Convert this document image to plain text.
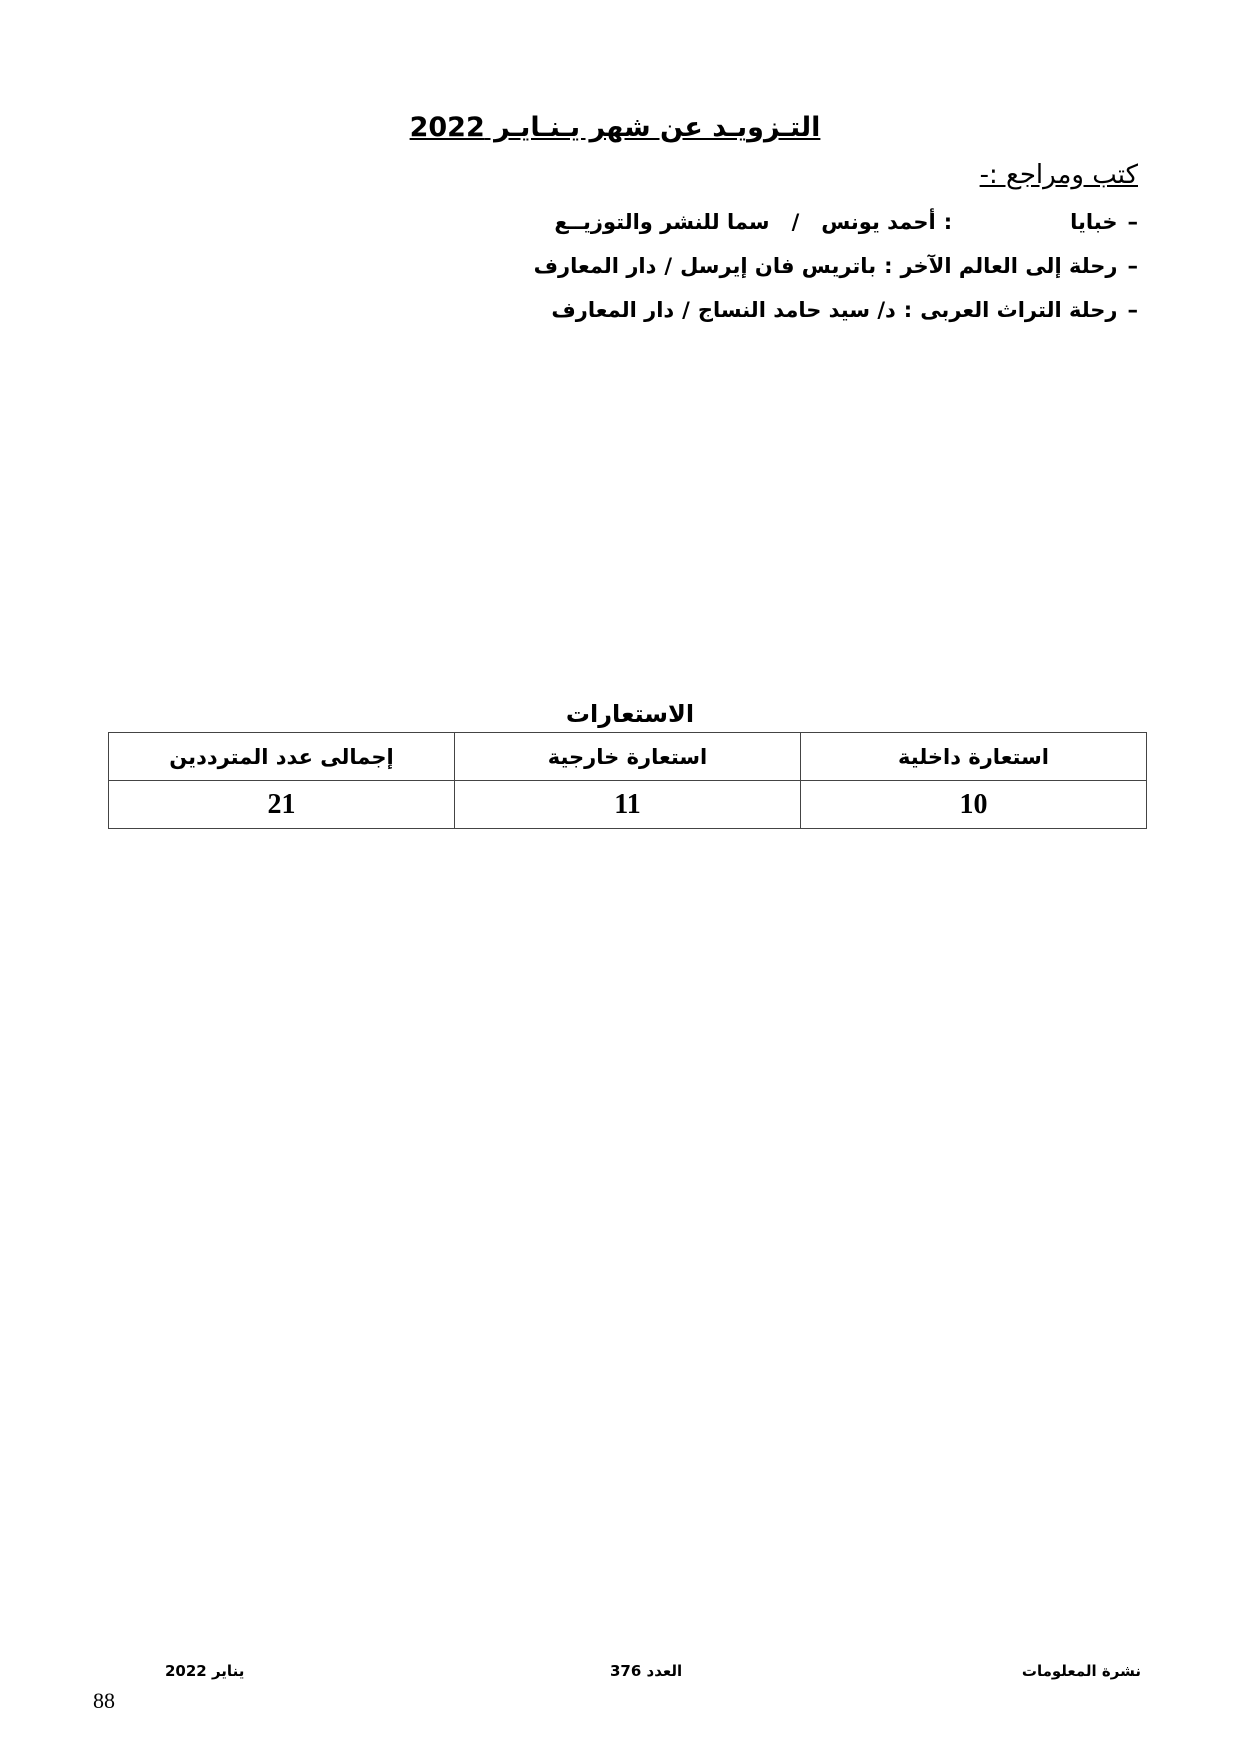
التـزويـد عن شهر يـنـايـر 2022
كتب ومراجع :-
–خبايا:أحمد يونس/سما للنشر والتوزيــع
–رحلة إلى العالم الآخر:باتريس فان إيرسل/دار المعارف
–رحلة التراث العربى:د/ سيد حامد النساج/دار المعارف
الاستعارات
استعارة داخلية	استعارة خارجية	إجمالى عدد المترددين
10	11	21
نشرة المعلومات
العدد 376
يناير 2022
88
